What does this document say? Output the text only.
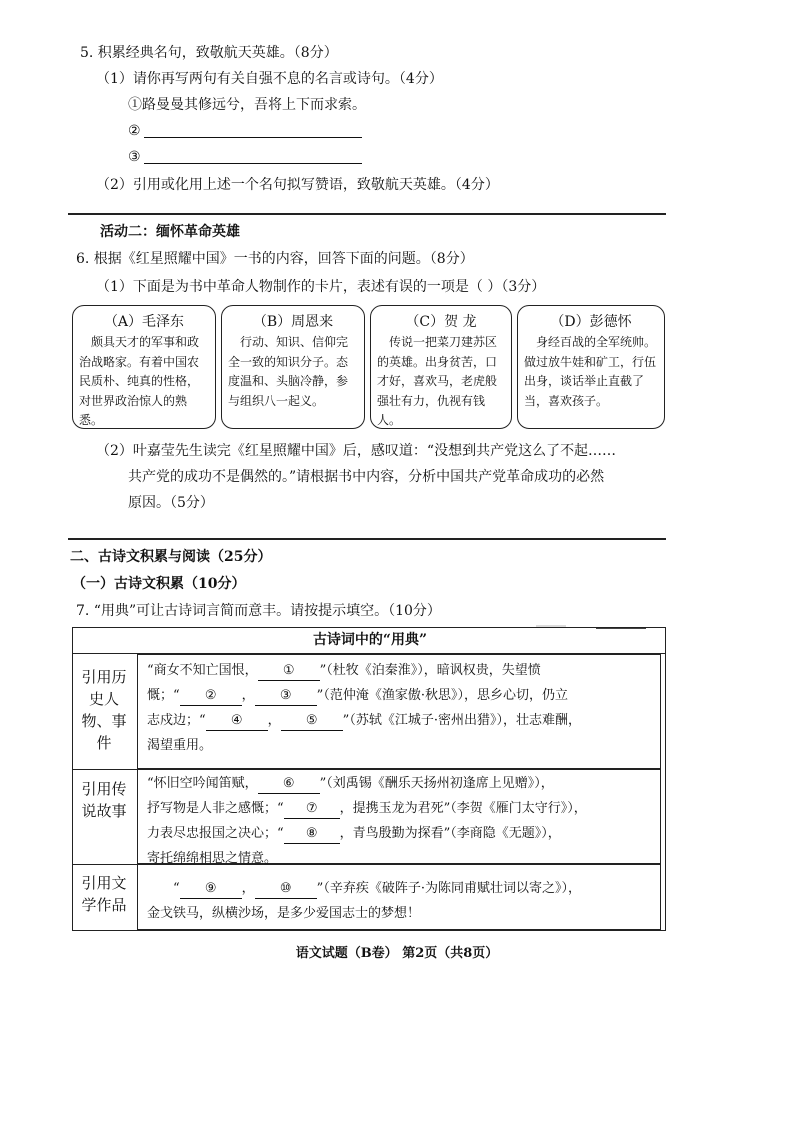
5. 积累经典名句，致敬航天英雄。（8分）
（1）请你再写两句有关自强不息的名言或诗句。（4分）
①路曼曼其修远兮，吾将上下而求索。
②
③
（2）引用或化用上述一个名句拟写赞语，致敬航天英雄。（4分）
活动二：缅怀革命英雄
6. 根据《红星照耀中国》一书的内容，回答下面的问题。（8分）
（1）下面是为书中革命人物制作的卡片，表述有误的一项是（ ）（3分）
（A）毛泽东
　颇具天才的军事和政治战略家。有着中国农民质朴、纯真的性格，对世界政治惊人的熟悉。
（B）周恩来
　行动、知识、信仰完全一致的知识分子。态度温和、头脑冷静，参与组织八一起义。
（C）贺 龙
　传说一把菜刀建苏区的英雄。出身贫苦，口才好，喜欢马，老虎般强壮有力，仇视有钱人。
（D）彭德怀
　身经百战的全军统帅。做过放牛娃和矿工，行伍出身，谈话举止直截了当，喜欢孩子。
（2）叶嘉莹先生读完《红星照耀中国》后，感叹道：“没想到共产党这么了不起……
共产党的成功不是偶然的。”请根据书中内容，分析中国共产党革命成功的必然
原因。（5分）
二、古诗文积累与阅读（25分）
（一）古诗文积累（10分）
7. “用典”可让古诗词言简而意丰。请按提示填空。（10分）
古诗词中的“用典”
引用历史人物、事件
“商女不知亡国恨， ① ”（杜牧《泊秦淮》），暗讽权贵，失望愤
慨；“ ② ， ③ ”（范仲淹《渔家傲·秋思》），思乡心切，仍立
志戍边；“ ④ ， ⑤ ”（苏轼《江城子·密州出猎》），壮志难酬，
渴望重用。
引用传说故事
“怀旧空吟闻笛赋， ⑥ ”（刘禹锡《酬乐天扬州初逢席上见赠》），
抒写物是人非之感慨；“ ⑦ ，提携玉龙为君死”（李贺《雁门太守行》），
力表尽忠报国之决心；“ ⑧ ，青鸟殷勤为探看”（李商隐《无题》），
寄托绵绵相思之情意。
引用文学作品
“ ⑨ ， ⑩ ”（辛弃疾《破阵子·为陈同甫赋壮词以寄之》），
金戈铁马，纵横沙场，是多少爱国志士的梦想！
语文试题（B卷） 第2页（共8页）
